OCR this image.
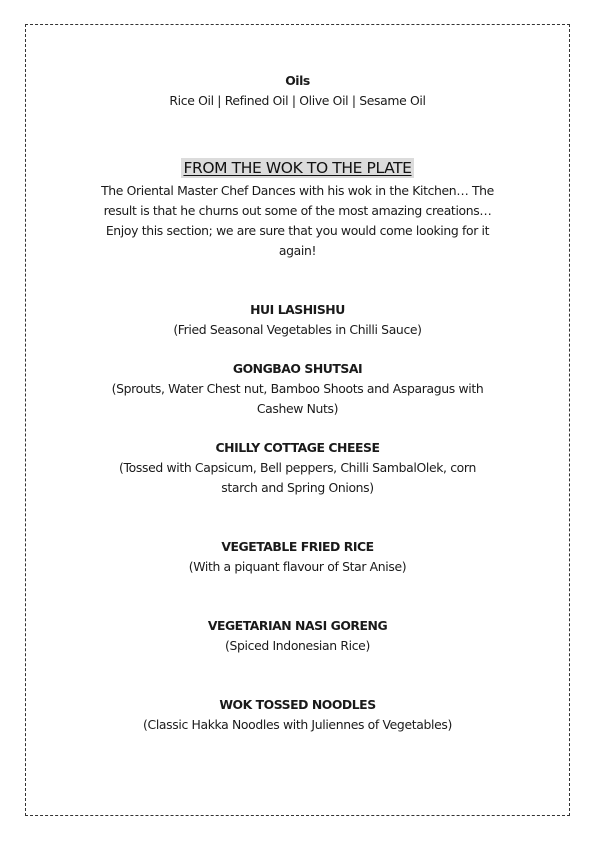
Oils
Rice Oil | Refined Oil | Olive Oil | Sesame Oil
FROM THE WOK TO THE PLATE
The Oriental Master Chef Dances with his wok in the Kitchen… The
result is that he churns out some of the most amazing creations…
Enjoy this section; we are sure that you would come looking for it
again!
HUI LASHISHU
(Fried Seasonal Vegetables in Chilli Sauce)
GONGBAO SHUTSAI
(Sprouts, Water Chest nut, Bamboo Shoots and Asparagus with
Cashew Nuts)
CHILLY COTTAGE CHEESE
(Tossed with Capsicum, Bell peppers, Chilli SambalOlek, corn
starch and Spring Onions)
VEGETABLE FRIED RICE
(With a piquant flavour of Star Anise)
VEGETARIAN NASI GORENG
(Spiced Indonesian Rice)
WOK TOSSED NOODLES
(Classic Hakka Noodles with Juliennes of Vegetables)
